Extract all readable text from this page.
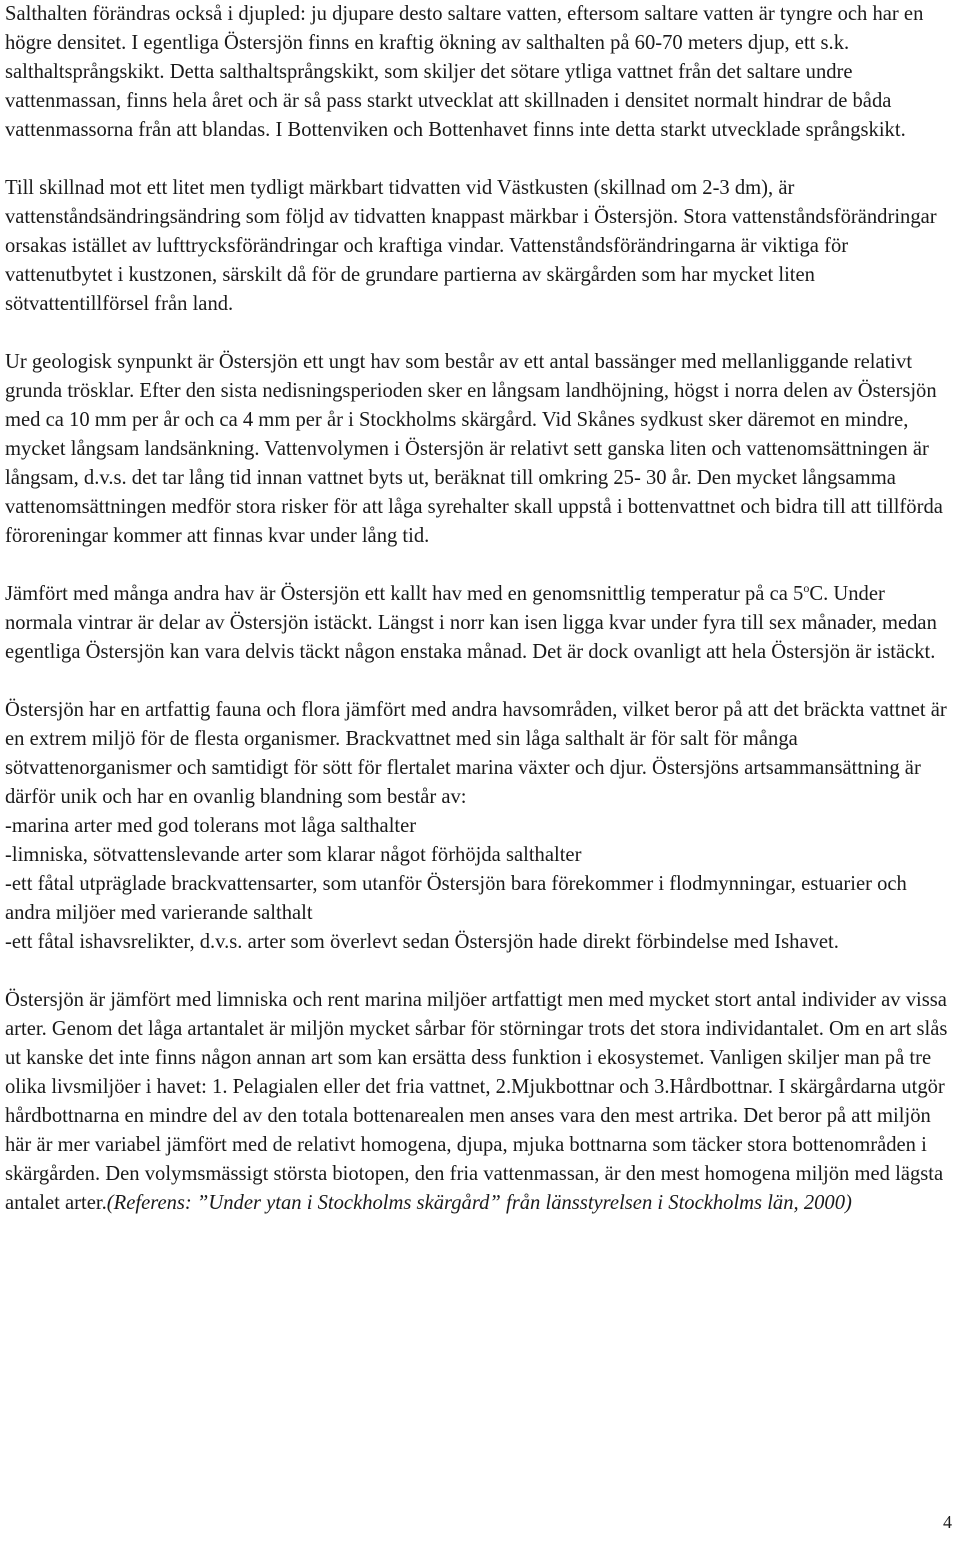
Salthalten förändras också i djupled: ju djupare desto saltare vatten, eftersom saltare vatten är tyngre och har en högre densitet. I egentliga Östersjön finns en kraftig ökning av salthalten på 60-70 meters djup, ett s.k. salthaltsprångskikt. Detta salthaltsprångskikt, som skiljer det sötare ytliga vattnet från det saltare undre vattenmassan, finns hela året och är så pass starkt utvecklat att skillnaden i densitet normalt hindrar de båda vattenmassorna från att blandas. I Bottenviken och Bottenhavet finns inte detta starkt utvecklade språngskikt.

Till skillnad mot ett litet men tydligt märkbart tidvatten vid Västkusten (skillnad om 2-3 dm), är vattenståndsändringsändring som följd av tidvatten knappast märkbar i Östersjön. Stora vattenståndsförändringar orsakas istället av lufttrycksförändringar och kraftiga vindar. Vattenståndsförändringarna är viktiga för vattenutbytet i kustzonen, särskilt då för de grundare partierna av skärgården som har mycket liten sötvattentillförsel från land.

Ur geologisk synpunkt är Östersjön ett ungt hav som består av ett antal bassänger med mellanliggande relativt grunda trösklar. Efter den sista nedisningsperioden sker en långsam landhöjning, högst i norra delen av Östersjön med ca 10 mm per år och ca 4 mm per år i Stockholms skärgård. Vid Skånes sydkust sker däremot en mindre, mycket långsam landsänkning. Vattenvolymen i Östersjön är relativt sett ganska liten och vattenomsättningen är långsam, d.v.s. det tar lång tid innan vattnet byts ut, beräknat till omkring 25- 30 år. Den mycket långsamma vattenomsättningen medför stora risker för att låga syrehalter skall uppstå i bottenvattnet och bidra till att tillförda föroreningar kommer att finnas kvar under lång tid.

Jämfört med många andra hav är Östersjön ett kallt hav med en genomsnittlig temperatur på ca 5$^o$C. Under normala vintrar är delar av Östersjön istäckt. Längst i norr kan isen ligga kvar under fyra till sex månader, medan egentliga Östersjön kan vara delvis täckt någon enstaka månad. Det är dock ovanligt att hela Östersjön är istäckt.

Östersjön har en artfattig fauna och flora jämfört med andra havsområden, vilket beror på att det bräckta vattnet är en extrem miljö för de flesta organismer. Brackvattnet med sin låga salthalt är för salt för många sötvattenorganismer och samtidigt för sött för flertalet marina växter och djur. Östersjöns artsammansättning är därför unik och har en ovanlig blandning som består av:
-marina arter med god tolerans mot låga salthalter
-limniska, sötvattenslevande arter som klarar något förhöjda salthalter
-ett fåtal utpräglade brackvattensarter, som utanför Östersjön bara förekommer i flodmynningar, estuarier och andra miljöer med varierande salthalt
-ett fåtal ishavsrelikter, d.v.s. arter som överlevt sedan Östersjön hade direkt förbindelse med Ishavet.

Östersjön är jämfört med limniska och rent marina miljöer artfattigt men med mycket stort antal individer av vissa arter. Genom det låga artantalet är miljön mycket sårbar för störningar trots det stora individantalet. Om en art slås ut kanske det inte finns någon annan art som kan ersätta dess funktion i ekosystemet. Vanligen skiljer man på tre olika livsmiljöer i havet: 1. Pelagialen eller det fria vattnet, 2.Mjukbottnar och 3.Hårdbottnar. I skärgårdarna utgör hårdbottnarna en mindre del av den totala bottenarealen men anses vara den mest artrika. Det beror på att miljön här är mer variabel jämfört med de relativt homogena, djupa, mjuka bottnarna som täcker stora bottenområden i skärgården. Den volymsmässigt största biotopen, den fria vattenmassan, är den mest homogena miljön med lägsta antalet arter.(Referens: ”Under ytan i Stockholms skärgård” från länsstyrelsen i Stockholms län, 2000)

4
